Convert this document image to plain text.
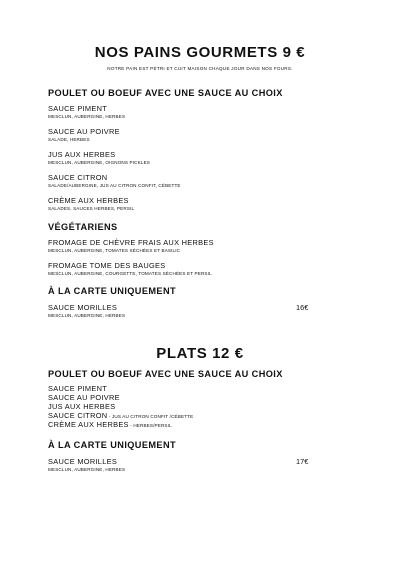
NOS PAINS GOURMETS 9 €
NOTRE PAIN EST PÉTRI ET CUIT MAISON CHAQUE JOUR DANS NOS FOURS.
POULET OU BOEUF AVEC UNE SAUCE AU CHOIX
SAUCE PIMENT
MESCLUN, AUBERGINE, HERBES
SAUCE AU POIVRE
SALADE, HERBES
JUS AUX HERBES
MESCLUN, AUBERGINE, OIGNONS PICKLES
SAUCE CITRON
SALADE/AUBERGINE, JUS AU CITRON CONFIT, CÉBETTE
CRÈME AUX HERBES
SALADES, SAUCES HERBES, PERSIL
VÉGÉTARIENS
FROMAGE DE CHÈVRE FRAIS AUX HERBES
MESCLUN, AUBERGINE, TOMATES SÉCHÉES ET BASILIC
FROMAGE TOME DES BAUGES
MESCLUN, AUBERGINE, COURGETTE, TOMATES SÉCHÉES ET PERSIL
À LA CARTE UNIQUEMENT
SAUCE MORILLES
MESCLUN, AUBERGINE, HERBES
16€
PLATS 12 €
POULET OU BOEUF AVEC UNE SAUCE AU CHOIX
SAUCE PIMENT
SAUCE AU POIVRE
JUS AUX HERBES
SAUCE CITRON - JUS AU CITRON CONFIT /CÉBETTE
CRÈME AUX HERBES - HERBES/PERSIL
À LA CARTE UNIQUEMENT
SAUCE MORILLES
MESCLUN, AUBERGINE, HERBES
17€
